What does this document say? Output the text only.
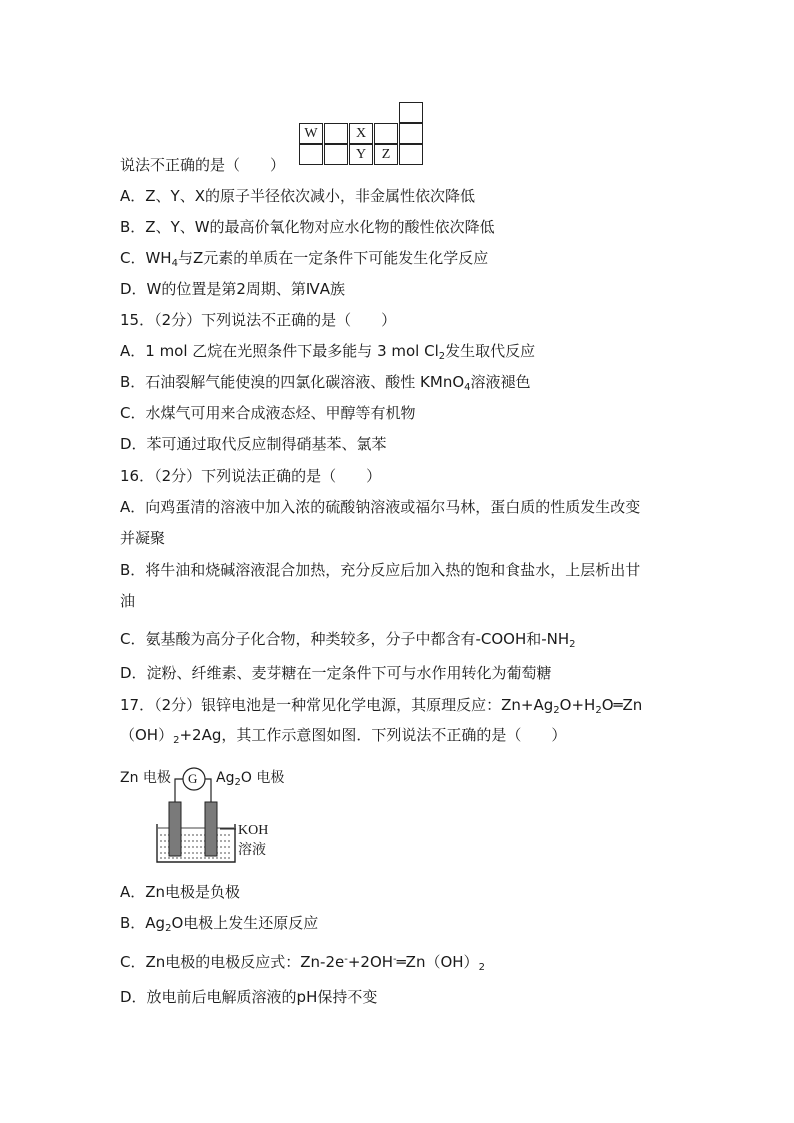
W	X
Y	Z
说法不正确的是（　　）
A．Z、Y、X的原子半径依次减小，非金属性依次降低
B．Z、Y、W的最高价氧化物对应水化物的酸性依次降低
C．$WH_4$与Z元素的单质在一定条件下可能发生化学反应
D．W的位置是第2周期、第ⅣA族
15．（2分）下列说法不正确的是（　　）
A．1 mol 乙烷在光照条件下最多能与 3 mol $Cl_2$发生取代反应
B．石油裂解气能使溴的四氯化碳溶液、酸性 KMnO$_4$溶液褪色
C．水煤气可用来合成液态烃、甲醇等有机物
D．苯可通过取代反应制得硝基苯、氯苯
16．（2分）下列说法正确的是（　　）
A．向鸡蛋清的溶液中加入浓的硫酸钠溶液或福尔马林，蛋白质的性质发生改变
并凝聚
B．将牛油和烧碱溶液混合加热，充分反应后加入热的饱和食盐水，上层析出甘
油
C．氨基酸为高分子化合物，种类较多，分子中都含有-COOH和$-NH_2$
D．淀粉、纤维素、麦芽糖在一定条件下可与水作用转化为葡萄糖
17．（2分）银锌电池是一种常见化学电源，其原理反应：$Zn+Ag_2O+H_2O═Zn$
$(OH)_2+2Ag$，其工作示意图如图．下列说法不正确的是（　　）
Zn 电极 G $Ag_2O$ 电极
KOH
溶液
A．Zn电极是负极
B．$Ag_2O$电极上发生还原反应
C．Zn电极的电极反应式：$Zn-2e^-+2OH^-═Zn(OH)_2$
D．放电前后电解质溶液的pH保持不变
